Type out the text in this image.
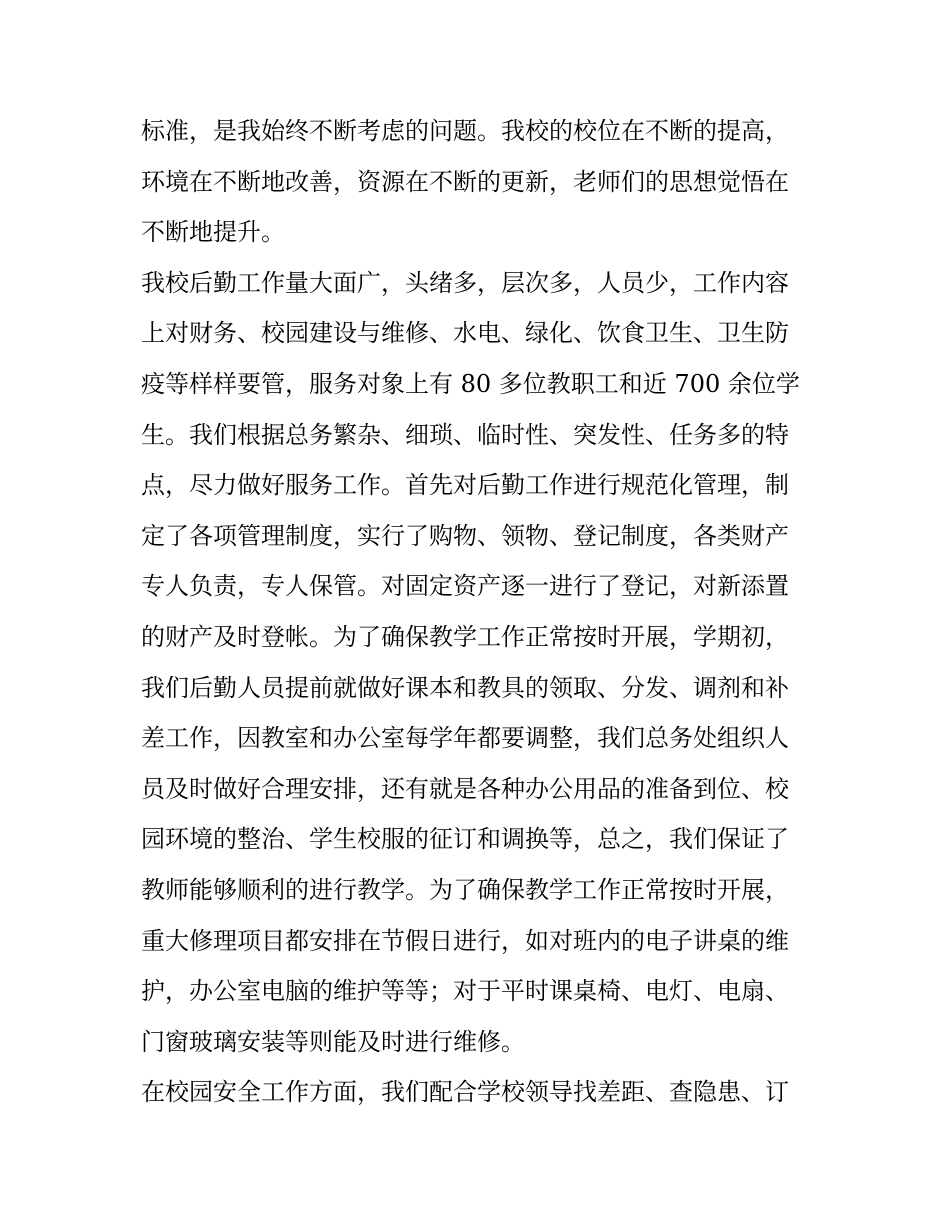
标准，是我始终不断考虑的问题。我校的校位在不断的提高，
环境在不断地改善，资源在不断的更新，老师们的思想觉悟在
不断地提升。
我校后勤工作量大面广，头绪多，层次多，人员少，工作内容
上对财务、校园建设与维修、水电、绿化、饮食卫生、卫生防
疫等样样要管，服务对象上有 80 多位教职工和近 700 余位学
生。我们根据总务繁杂、细琐、临时性、突发性、任务多的特
点，尽力做好服务工作。首先对后勤工作进行规范化管理，制
定了各项管理制度，实行了购物、领物、登记制度，各类财产
专人负责，专人保管。对固定资产逐一进行了登记，对新添置
的财产及时登帐。为了确保教学工作正常按时开展，学期初，
我们后勤人员提前就做好课本和教具的领取、分发、调剂和补
差工作，因教室和办公室每学年都要调整，我们总务处组织人
员及时做好合理安排，还有就是各种办公用品的准备到位、校
园环境的整治、学生校服的征订和调换等，总之，我们保证了
教师能够顺利的进行教学。为了确保教学工作正常按时开展，
重大修理项目都安排在节假日进行，如对班内的电子讲桌的维
护，办公室电脑的维护等等；对于平时课桌椅、电灯、电扇、
门窗玻璃安装等则能及时进行维修。
在校园安全工作方面，我们配合学校领导找差距、查隐患、订
